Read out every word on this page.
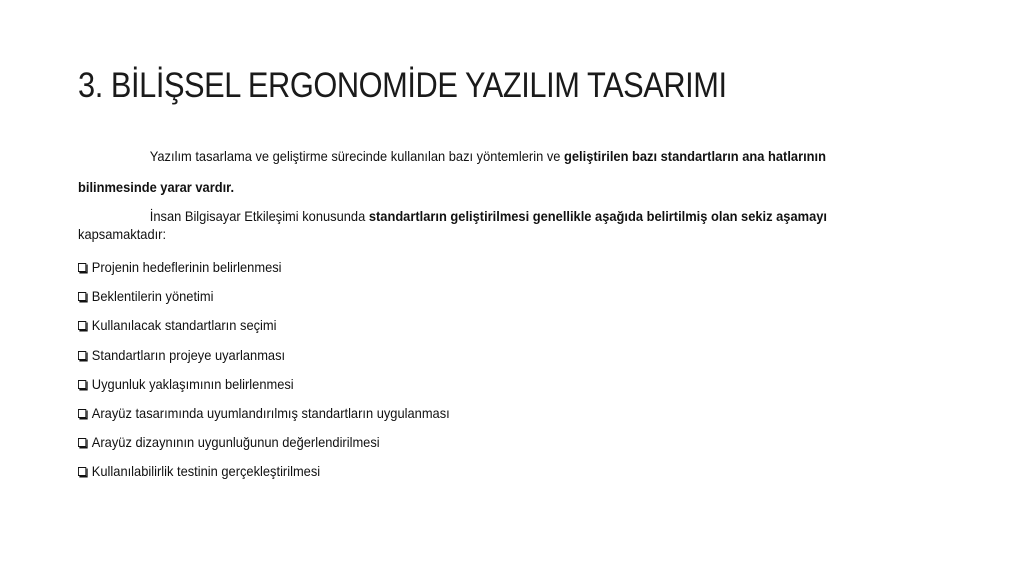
3. BİLİŞSEL ERGONOMİDE YAZILIM TASARIMI
Yazılım tasarlama ve geliştirme sürecinde kullanılan bazı yöntemlerin ve geliştirilen bazı standartların ana hatlarının
bilinmesinde yarar vardır.
İnsan Bilgisayar Etkileşimi konusunda standartların geliştirilmesi genellikle aşağıda belirtilmiş olan sekiz aşamayı
kapsamaktadır:
Projenin hedeflerinin belirlenmesi
Beklentilerin yönetimi
Kullanılacak standartların seçimi
Standartların projeye uyarlanması
Uygunluk yaklaşımının belirlenmesi
Arayüz tasarımında uyumlandırılmış standartların uygulanması
Arayüz dizaynının uygunluğunun değerlendirilmesi
Kullanılabilirlik testinin gerçekleştirilmesi
